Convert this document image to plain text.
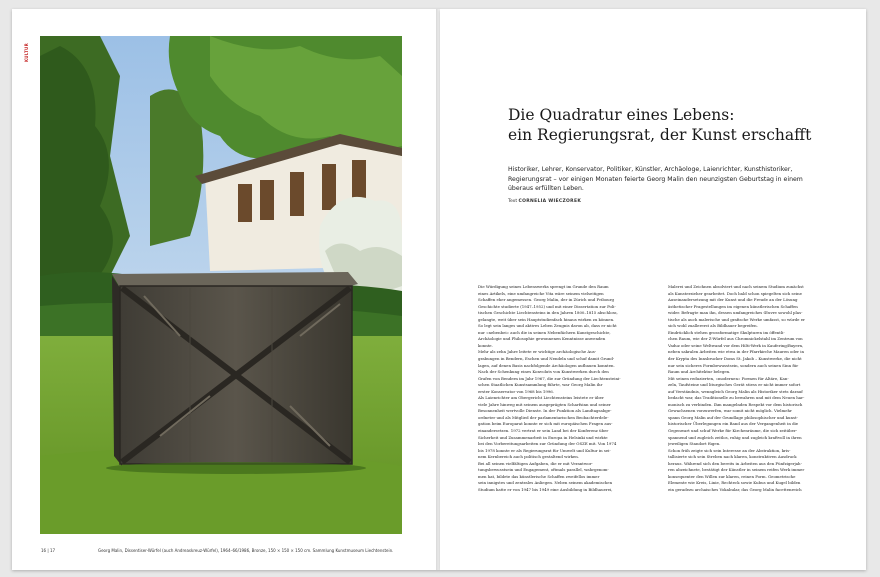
KULTUR
16 | 17	Georg Malin, Dissentiser-Würfel (auch Andreaskreuz-Würfel), 1964–66/1986, Bronze, 150 × 150 × 150 cm. Sammlung Kunstmuseum Liechtenstein.
Die Quadratur eines Lebens:
ein Regierungsrat, der Kunst erschafft
Historiker, Lehrer, Konservator, Politiker, Künstler, Archäologe, Laienrichter, Kunsthistoriker, Regierungsrat – vor einigen Monaten feierte Georg Malin den neunzigsten Geburtstag in einem überaus erfüllten Leben.
Text CORNELIA WIECZOREK
Die Würdigung seines Lebenswerks sprengt im Grunde den Raum
eines Artikels, eine umfangreiche Vita wäre seinem vielseitigen
Schaffen eher angemessen. Georg Malin, der in Zürich und Fribourg
Geschichte studierte (1947–1952) und mit einer Dissertation zur Poli-
tischen Geschichte Liechtensteins in den Jahren 1800–1815 abschloss,
gelangte, weit über sein Hauptstudienfach hinaus wirken zu können.
So legt sein langes und aktives Leben Zeugnis davon ab, dass er nicht
nur «nebenbei» auch die in seinen Nebenfächern Kunstgeschichte,
Archäologie und Philosophie gewonnenen Kenntnisse anwenden
konnte.
Mehr als zehn Jahre leitete er wichtige archäologische Aus-
grabungen in Bendern, Eschen und Nendeln und schuf damit Grund-
lagen, auf denen Basis nachfolgende Archäologen aufbauen konnten.
Nach der Schenkung eines Konvoluts von Kunstwerken durch den
Grafen von Bendern im Jahr 1967, die zur Gründung der Liechtensteini-
schen Staatlichen Kunstsammlung führte, war Georg Malin ihr
erster Konservator von 1968 bis 1996.
Als Laienrichter am Obergericht Liechtensteins leistete er über
viele Jahre hinweg mit seinem ausgeprägten Scharfsinn und seiner
Besonnenheit wertvolle Dienste. In der Funktion als Landtagsabge-
ordneter und als Mitglied der parlamentarischen Beobachterdele-
gation beim Europarat konnte er sich mit europäischen Fragen aus-
einandersetzen. 1972 vertrat er sein Land bei der Konferenz über
Sicherheit und Zusammenarbeit in Europa in Helsinki und wirkte
bei den Vorbereitungsarbeiten zur Gründung der OSZE mit. Von 1974
bis 1978 konnte er als Regierungsrat für Umwelt und Kultur in sei-
nem Kernbereich auch politisch gestaltend wirken.
Bei all seinen vielfältigen Aufgaben, die er mit Verantwor-
tungsbewusstsein und Engagement, oftmals parallel, wahrgenom-
men hat, bildete das künstlerische Schaffen zweifellos immer
sein innigstes und zentrales Anliegen. Neben seinem akademischen
Studium hatte er von 1947 bis 1949 eine Ausbildung in Bildhauerei,
Malerei und Zeichnen absolviert und nach seinem Studium zunächst
als Kunsterzieher gearbeitet. Doch bald schon spiegelten sich seine
Auseinandersetzung mit der Kunst und die Freude an der Lösung
ästhetischer Fragestellungen im eigenen künstlerischen Schaffen
wider. Befragte man ihn, dessen umfangreiches Œuvre sowohl plas-
tische als auch malerische und grafische Werke umfasst, so würde er
sich wohl zuallererst als Bildhauer begreifen.
Eindrücklich stehen grossformatige Skulpturen im öffentli-
chen Raum, wie der Z-Würfel aus Chromnickelstahl im Zentrum von
Vaduz oder seine Weltwand vor dem Hilti-Werk in Kaufering/Bayern,
neben sakralen Arbeiten wie etwa in der Pfarrkirche Mauren oder in
der Krypta des Innsbrucker Doms St. Jakob – Kunstwerke, die nicht
nur sein sicheres Formbewusstsein, sondern auch seinen Sinn für
Raum und Architektur belegen.
Mit seinen reduzierten, «modernen» Formen für Altäre, Kan-
zeln, Taufsteine und liturgisches Gerät stiess er nicht immer sofort
auf Verständnis, wenngleich Georg Malin als Historiker stets darauf
bedacht war, das Traditionelle zu bewahren und mit dem Neuen har-
monisch zu verbinden. Ihm mangelnden Respekt vor dem historisch
Gewachsenen vorzuwerfen, war somit nicht möglich. Vielmehr
spann Georg Malin auf der Grundlage philosophischer und kunst-
historischer Überlegungen ein Band aus der Vergangenheit in die
Gegenwart und schuf Werke für Kirchenräume, die sich zeitüber-
spannend und zugleich zeitlos, ruhig und zugleich kraftvoll in ihren
jeweiligen Standort fügen.
Schon früh zeigte sich sein Interesse an der Abstraktion, kris-
tallisierte sich sein Streben nach klaren, konstruktiven Ausdruck
heraus. Während sich den bereits in Arbeiten aus den Fünfzigerjah-
ren abzeichnete, bestätigt der Künstler in seinem reifen Werk immer
konsequenter den Willen zur klaren, reinen Form. Geometrische
Elemente wie Kreis, Linie, Rechteck sowie Kubus und Kugel bilden
ein geradezu archaisches Vokabular, das Georg Malin facettenreich
